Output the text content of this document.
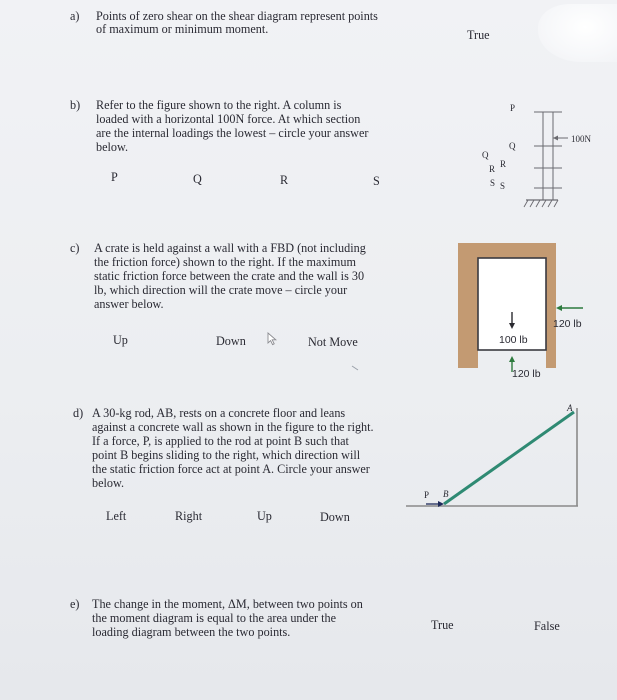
a) Points of zero shear on the shear diagram represent points
of maximum or minimum moment.	True
b) Refer to the figure shown to the right. A column is
loaded with a horizontal 100N force. At which section
are the internal loadings the lowest – circle your answer
below.
P	Q	R	S
P
Q
R
S
Q
R
S
100N
c) A crate is held against a wall with a FBD (not including
the friction force) shown to the right. If the maximum
static friction force between the crate and the wall is 30
lb, which direction will the crate move – circle your
answer below.
Up	Down	Not Move	100 lb
120 lb
120 lb
d) A 30-kg rod, AB, rests on a concrete floor and leans
against a concrete wall as shown in the figure to the right.
If a force, P, is applied to the rod at point B such that
point B begins sliding to the right, which direction will
the static friction force act at point A. Circle your answer
below.
Left	Right	Up	Down
A
B
P
e) The change in the moment, ΔM, between two points on
the moment diagram is equal to the area under the
loading diagram between the two points.	True	False
